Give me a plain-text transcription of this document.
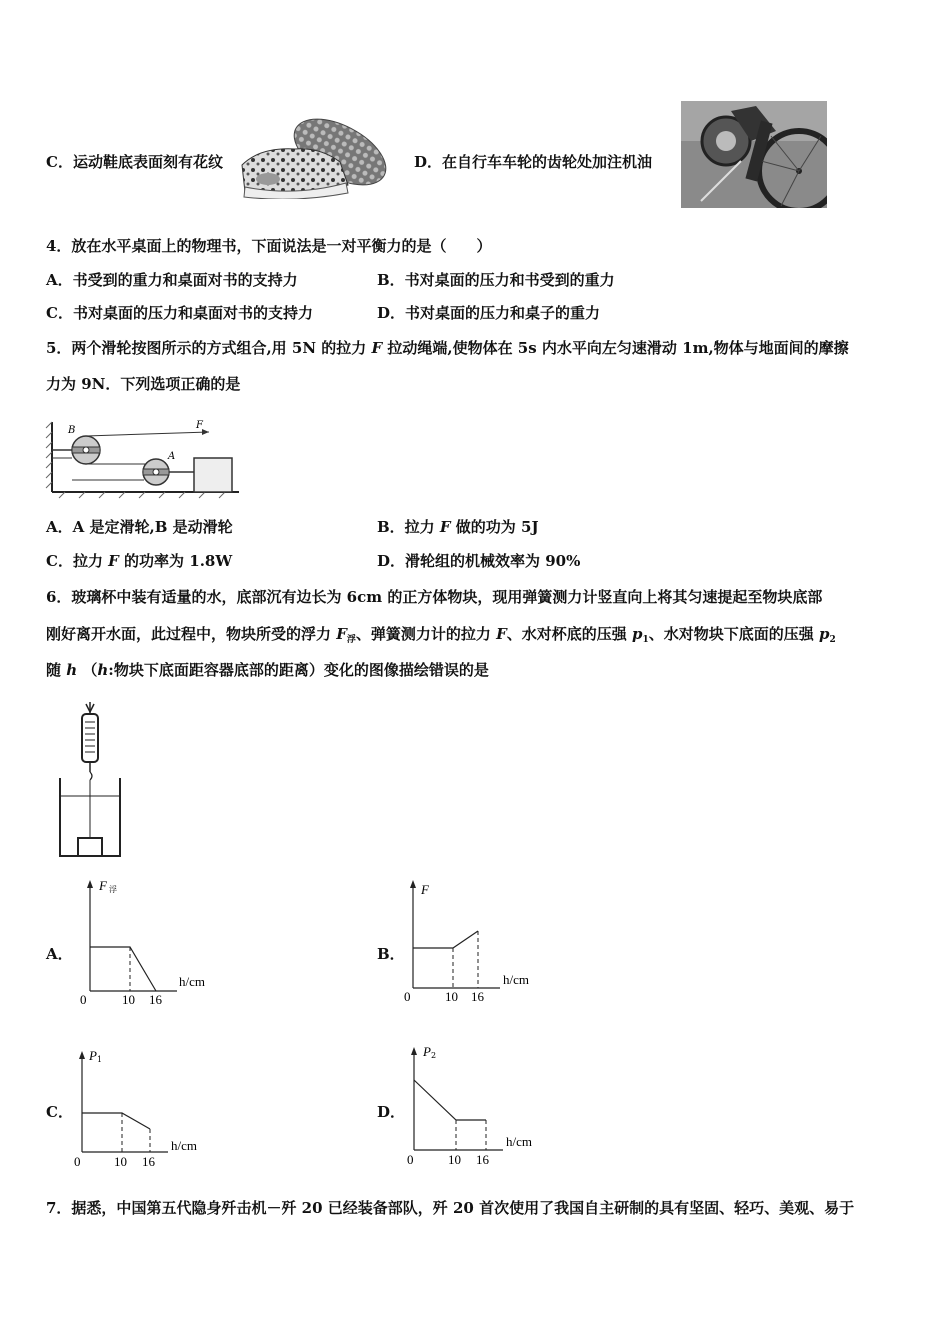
C．运动鞋底表面刻有花纹	D．在自行车车轮的齿轮处加注机油
4．放在水平桌面上的物理书，下面说法是一对平衡力的是（　　）
A．书受到的重力和桌面对书的支持力	B．书对桌面的压力和书受到的重力
C．书对桌面的压力和桌面对书的支持力	D．书对桌面的压力和桌子的重力
5．两个滑轮按图所示的方式组合,用 5N 的拉力 F 拉动绳端,使物体在 5s 内水平向左匀速滑动 1m,物体与地面间的摩擦
力为 9N．下列选项正确的是
B
A
F
A．A 是定滑轮,B 是动滑轮	B．拉力 F 做的功为 5J
C．拉力 F 的功率为 1.8W	D．滑轮组的机械效率为 90%
6．玻璃杯中装有适量的水，底部沉有边长为 6cm 的正方体物块，现用弹簧测力计竖直向上将其匀速提起至物块底部
刚好离开水面，此过程中，物块所受的浮力 $F_浮$、弹簧测力计的拉力 F、水对杯底的压强 $p_1$、水对物块下底面的压强 $p_2$
随 h （h:物块下底面距容器底部的距离）变化的图像描绘错误的是
A．
F 浮
h/cm
0	10 16
B．
F
h/cm
0	10 16
C．
P 1
h/cm
0	10 16
D．
P 2
h/cm
0	10 16
7．据悉，中国第五代隐身歼击机－歼 20 已经装备部队，歼 20 首次使用了我国自主研制的具有坚固、轻巧、美观、易于
